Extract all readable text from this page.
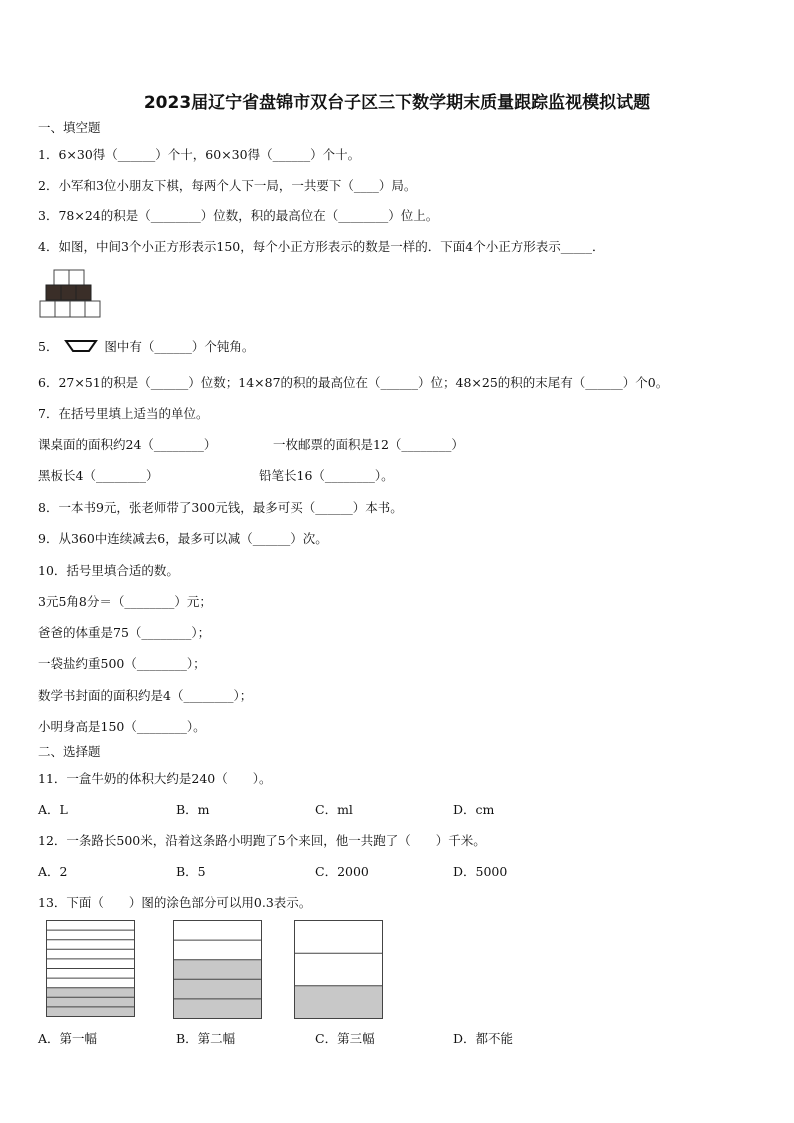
2023届辽宁省盘锦市双台子区三下数学期末质量跟踪监视模拟试题
一、填空题
1．6×30得（______）个十，60×30得（______）个十。
2．小军和3位小朋友下棋，每两个人下一局，一共要下（____）局。
3．78×24的积是（________）位数，积的最高位在（________）位上。
4．如图，中间3个小正方形表示150，每个小正方形表示的数是一样的．下面4个小正方形表示_____．
5．	图中有（______）个钝角。
6．27×51的积是（______）位数；14×87的积的最高位在（______）位；48×25的积的末尾有（______）个0。
7．在括号里填上适当的单位。
课桌面的面积约24（________）	一枚邮票的面积是12（________）
黑板长4（________）	铅笔长16（________）。
8．一本书9元，张老师带了300元钱，最多可买（______）本书。
9．从360中连续减去6，最多可以减（______）次。
10．括号里填合适的数。
3元5角8分＝（________）元；
爸爸的体重是75（________）；
一袋盐约重500（________）；
数学书封面的面积约是4（________）；
小明身高是150（________）。
二、选择题
11．一盒牛奶的体积大约是240（　　）。
A．L	B．m	C．ml	D．cm
12．一条路长500米，沿着这条路小明跑了5个来回，他一共跑了（　　）千米。
A．2	B．5	C．2000	D．5000
13．下面（　　）图的涂色部分可以用0.3表示。
A．第一幅	B．第二幅	C．第三幅	D．都不能
